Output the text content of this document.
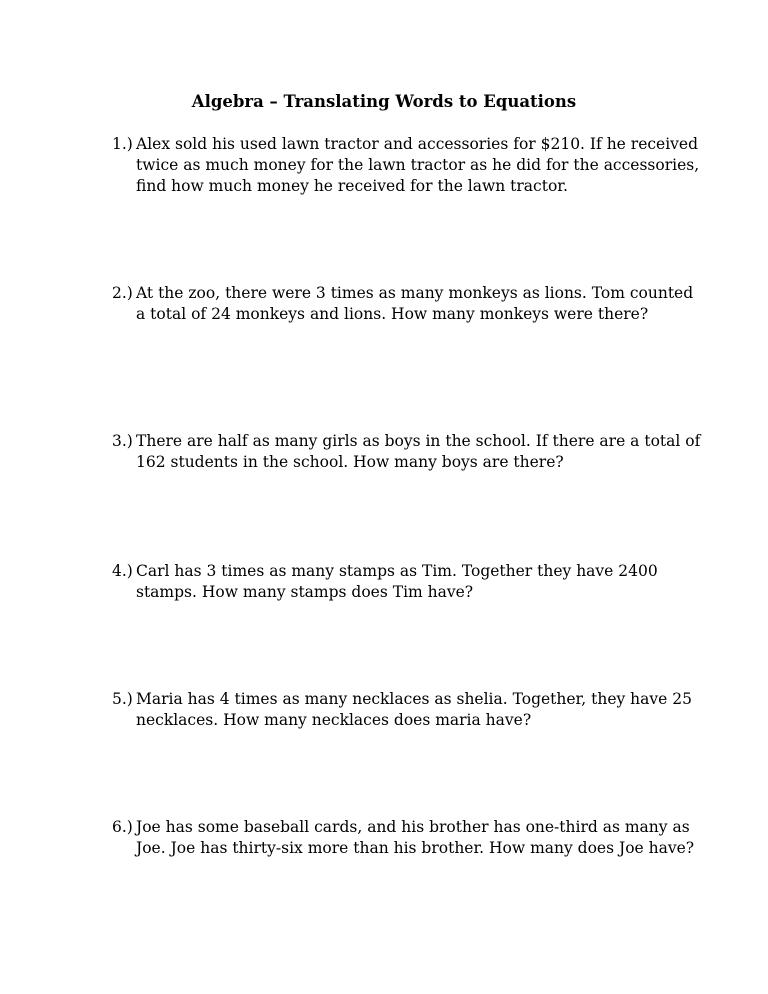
Algebra – Translating Words to Equations
1.) Alex sold his used lawn tractor and accessories for $210. If he received twice as much money for the lawn tractor as he did for the accessories, find how much money he received for the lawn tractor.
2.) At the zoo, there were 3 times as many monkeys as lions. Tom counted a total of 24 monkeys and lions. How many monkeys were there?
3.) There are half as many girls as boys in the school. If there are a total of 162 students in the school. How many boys are there?
4.) Carl has 3 times as many stamps as Tim. Together they have 2400 stamps. How many stamps does Tim have?
5.) Maria has 4 times as many necklaces as shelia. Together, they have 25 necklaces. How many necklaces does maria have?
6.) Joe has some baseball cards, and his brother has one-third as many as Joe. Joe has thirty-six more than his brother. How many does Joe have?
